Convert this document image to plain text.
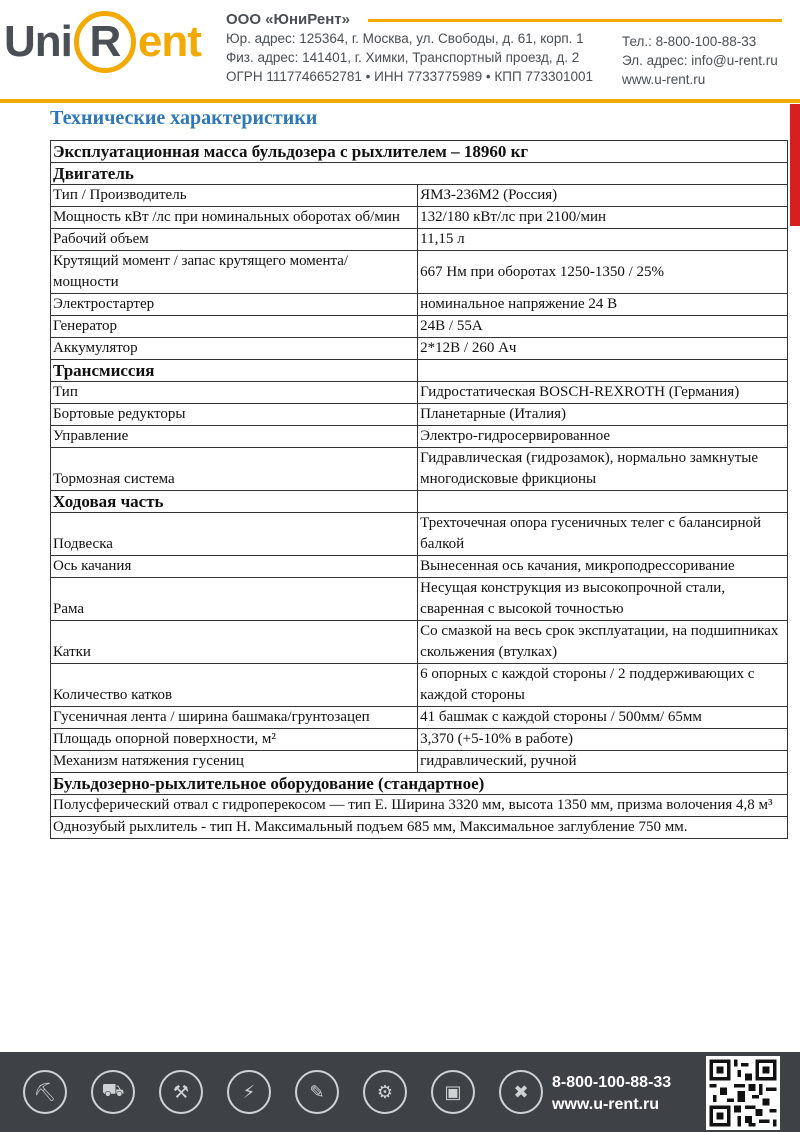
Uni R ent ООО «ЮниРент»
Юр. адрес: 125364, г. Москва, ул. Свободы, д. 61, корп. 1
Физ. адрес: 141401, г. Химки, Транспортный проезд, д. 2
ОГРН 1117746652781 • ИНН 7733775989 • КПП 773301001
Тел.: 8-800-100-88-33
Эл. адрес: info@u-rent.ru
www.u-rent.ru
Технические характеристики
Эксплуатационная масса бульдозера с рыхлителем – 18960 кг	
Двигатель	
Тип / Производитель	ЯМЗ-236М2 (Россия)
Мощность кВт /лс при номинальных оборотах об/мин	132/180 кВт/лс при 2100/мин
Рабочий объем	11,15 л
Крутящий момент / запас крутящего момента/ мощности	667 Нм при оборотах 1250-1350 / 25%
Электростартер	номинальное напряжение 24 В
Генератор	24В / 55А
Аккумулятор	2*12В / 260 Ач
Трансмиссия	
Тип	Гидростатическая BOSCH-REXROTH (Германия)
Бортовые редукторы	Планетарные (Италия)
Управление	Электро-гидросервированное
Тормозная система	Гидравлическая (гидрозамок), нормально замкнутые многодисковые фрикционы
Ходовая часть	
Подвеска	Трехточечная опора гусеничных телег с балансирной балкой
Ось качания	Вынесенная ось качания, микроподрессоривание
Рама	Несущая конструкция из высокопрочной стали, сваренная с высокой точностью
Катки	Со смазкой на весь срок эксплуатации, на подшипниках скольжения (втулках)
Количество катков	6 опорных с каждой стороны / 2 поддерживающих с каждой стороны
Гусеничная лента / ширина башмака/грунтозацеп	41 башмак с каждой стороны / 500мм/ 65мм
Площадь опорной поверхности, м²	3,370 (+5-10% в работе)
Механизм натяжения гусениц	гидравлический, ручной
Бульдозерно-рыхлительное оборудование (стандартное)	
Полусферический отвал с гидроперекосом — тип Е. Ширина 3320 мм, высота 1350 мм, призма волочения 4,8 м³	
Однозубый рыхлитель - тип Н. Максимальный подъем 685 мм, Максимальное заглубление 750 мм.	
⛏	⛟	⚒	⚡	✎	⚙	▣	✖	8-800-100-88-33
www.u-rent.ru
